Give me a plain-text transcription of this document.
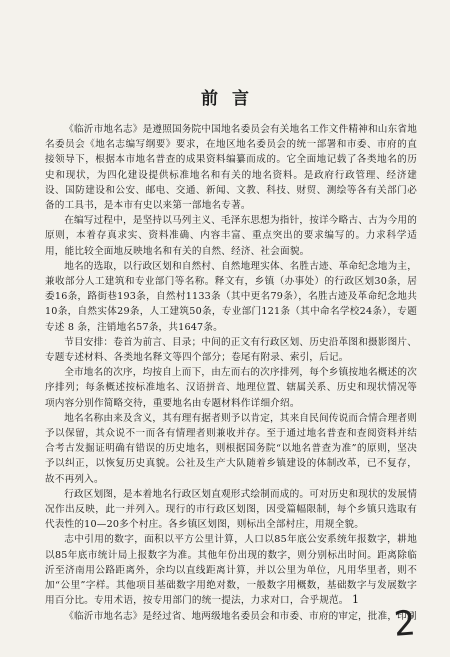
前言

《临沂市地名志》是遵照国务院中国地名委员会有关地名工作文件精神和山东省地名委员会《地名志编写纲要》要求，在地区地名委员会的统一部署和市委、市府的直接领导下，根据本市地名普查的成果资料编纂而成的。它全面地记载了各类地名的历史和现状，为四化建设提供标准地名和有关的地名资料。是政府行政管理、经济建设、国防建设和公安、邮电、交通、新闻、文教、科技、财贸、测绘等各有关部门必备的工具书，是本市有史以来第一部地名专著。

在编写过程中，是坚持以马列主义、毛泽东思想为指针，按详今略古、古为今用的原则，本着存真求实、资料准确、内容丰富、重点突出的要求编写的。力求科学适用，能比较全面地反映地名和有关的自然、经济、社会面貌。

地名的选取，以行政区划和自然村、自然地理实体、名胜古迹、革命纪念地为主，兼收部分人工建筑和专业部门等名称。释文有，乡镇（办事处）的行政区划30条，居委16条，路街巷193条，自然村1133条（其中更名79条），名胜古迹及革命纪念地共10条，自然实体29条，人工建筑50条，专业部门121条（其中命名学校24条），专题专述 8 条，注销地名57条，共1647条。

节目安排：卷首为前言、目录；中间的正文有行政区划、历史沿革图和摄影图片、专题专述材料、各类地名释文等四个部分；卷尾有附录、索引，后记。

全市地名的次序，均按自上而下，由左而右的次序排列，每个乡镇按地名概述的次序排列；每条概述按标准地名、汉语拼音、地理位置、辖属关系、历史和现状情况等项内容分别作简略交待，重要地名由专题材料作详细介绍。

地名名称由来及含义，其有理有据者则予以肯定，其来自民间传说而合情合理者则予以保留，其众说不一而各有情理者则兼收并存。至于通过地名普查和查阅资料并结合考古发掘证明确有错误的历史地名，则根据国务院“以地名普查为准”的原则，坚决予以纠正，以恢复历史真貌。公社及生产大队随着乡镇建设的体制改革，已不复存，故不再列入。

行政区划图，是本着地名行政区划直观形式绘制而成的。可对历史和现状的发展情况作出反映，此一并列入。现行的市行政区划图，因受篇幅限制，每个乡镇只选取有代表性的10—20多个村庄。各乡镇区划图，则标出全部村庄，用规全貌。

志中引用的数字，面积以平方公里计算，人口以85年底公安系统年报数字，耕地以85年底市统计局上报数字为准。其他年份出现的数字，则分别标出时间。距离除临沂至济南用公路距离外，余均以直线距离计算，并以公里为单位，凡用华里者，则不加“公里”字样。其他项目基础数字用绝对数，一般数字用概数，基础数字与发展数字用百分比。专用术语，按专用部门的统一提法，力求对口，合乎规范。

《临沂市地名志》是经过省、地两级地名委员会和市委、市府的审定，批准，印刷

1
2
